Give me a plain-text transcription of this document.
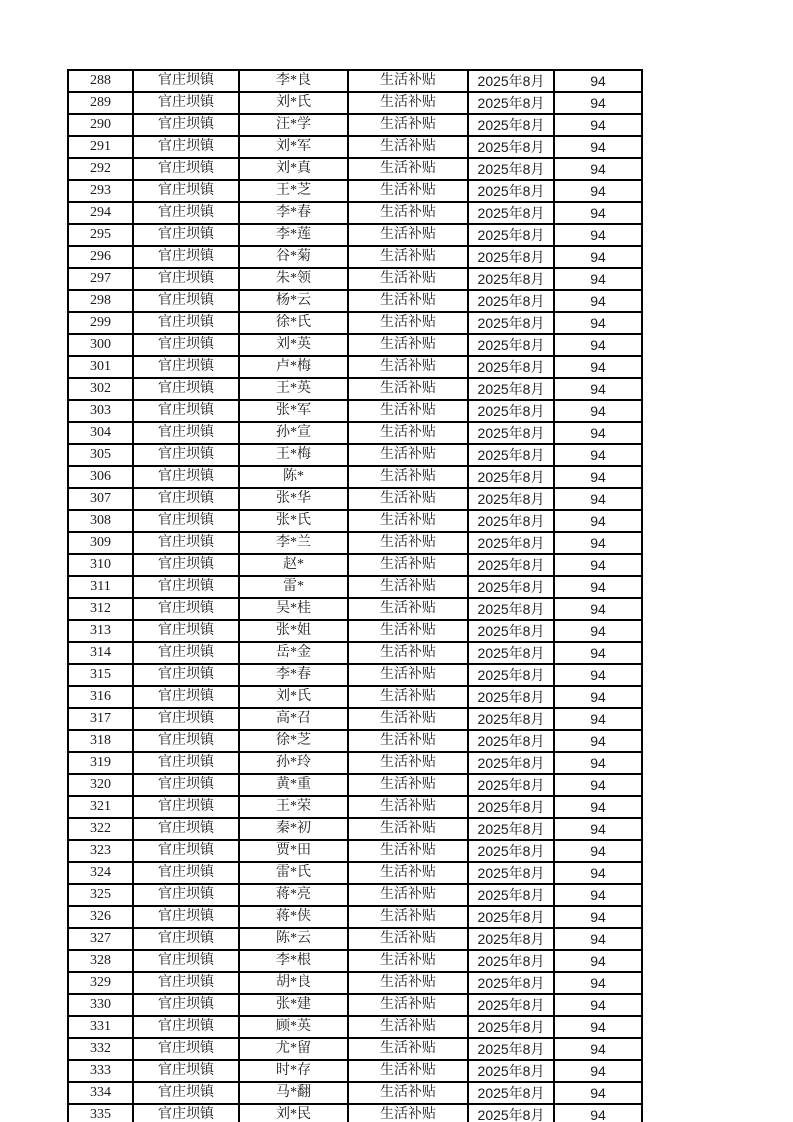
288	官庄坝镇	李*良	生活补贴	2025年8月	94
289	官庄坝镇	刘*氏	生活补贴	2025年8月	94
290	官庄坝镇	汪*学	生活补贴	2025年8月	94
291	官庄坝镇	刘*军	生活补贴	2025年8月	94
292	官庄坝镇	刘*真	生活补贴	2025年8月	94
293	官庄坝镇	王*芝	生活补贴	2025年8月	94
294	官庄坝镇	李*春	生活补贴	2025年8月	94
295	官庄坝镇	李*莲	生活补贴	2025年8月	94
296	官庄坝镇	谷*菊	生活补贴	2025年8月	94
297	官庄坝镇	朱*领	生活补贴	2025年8月	94
298	官庄坝镇	杨*云	生活补贴	2025年8月	94
299	官庄坝镇	徐*氏	生活补贴	2025年8月	94
300	官庄坝镇	刘*英	生活补贴	2025年8月	94
301	官庄坝镇	卢*梅	生活补贴	2025年8月	94
302	官庄坝镇	王*英	生活补贴	2025年8月	94
303	官庄坝镇	张*军	生活补贴	2025年8月	94
304	官庄坝镇	孙*宣	生活补贴	2025年8月	94
305	官庄坝镇	王*梅	生活补贴	2025年8月	94
306	官庄坝镇	陈*	生活补贴	2025年8月	94
307	官庄坝镇	张*华	生活补贴	2025年8月	94
308	官庄坝镇	张*氏	生活补贴	2025年8月	94
309	官庄坝镇	李*兰	生活补贴	2025年8月	94
310	官庄坝镇	赵*	生活补贴	2025年8月	94
311	官庄坝镇	雷*	生活补贴	2025年8月	94
312	官庄坝镇	吴*桂	生活补贴	2025年8月	94
313	官庄坝镇	张*姐	生活补贴	2025年8月	94
314	官庄坝镇	岳*金	生活补贴	2025年8月	94
315	官庄坝镇	李*春	生活补贴	2025年8月	94
316	官庄坝镇	刘*氏	生活补贴	2025年8月	94
317	官庄坝镇	高*召	生活补贴	2025年8月	94
318	官庄坝镇	徐*芝	生活补贴	2025年8月	94
319	官庄坝镇	孙*玲	生活补贴	2025年8月	94
320	官庄坝镇	黄*重	生活补贴	2025年8月	94
321	官庄坝镇	王*荣	生活补贴	2025年8月	94
322	官庄坝镇	秦*初	生活补贴	2025年8月	94
323	官庄坝镇	贾*田	生活补贴	2025年8月	94
324	官庄坝镇	雷*氏	生活补贴	2025年8月	94
325	官庄坝镇	蒋*亮	生活补贴	2025年8月	94
326	官庄坝镇	蒋*侠	生活补贴	2025年8月	94
327	官庄坝镇	陈*云	生活补贴	2025年8月	94
328	官庄坝镇	李*根	生活补贴	2025年8月	94
329	官庄坝镇	胡*良	生活补贴	2025年8月	94
330	官庄坝镇	张*建	生活补贴	2025年8月	94
331	官庄坝镇	顾*英	生活补贴	2025年8月	94
332	官庄坝镇	尤*留	生活补贴	2025年8月	94
333	官庄坝镇	时*存	生活补贴	2025年8月	94
334	官庄坝镇	马*翻	生活补贴	2025年8月	94
335	官庄坝镇	刘*民	生活补贴	2025年8月	94
